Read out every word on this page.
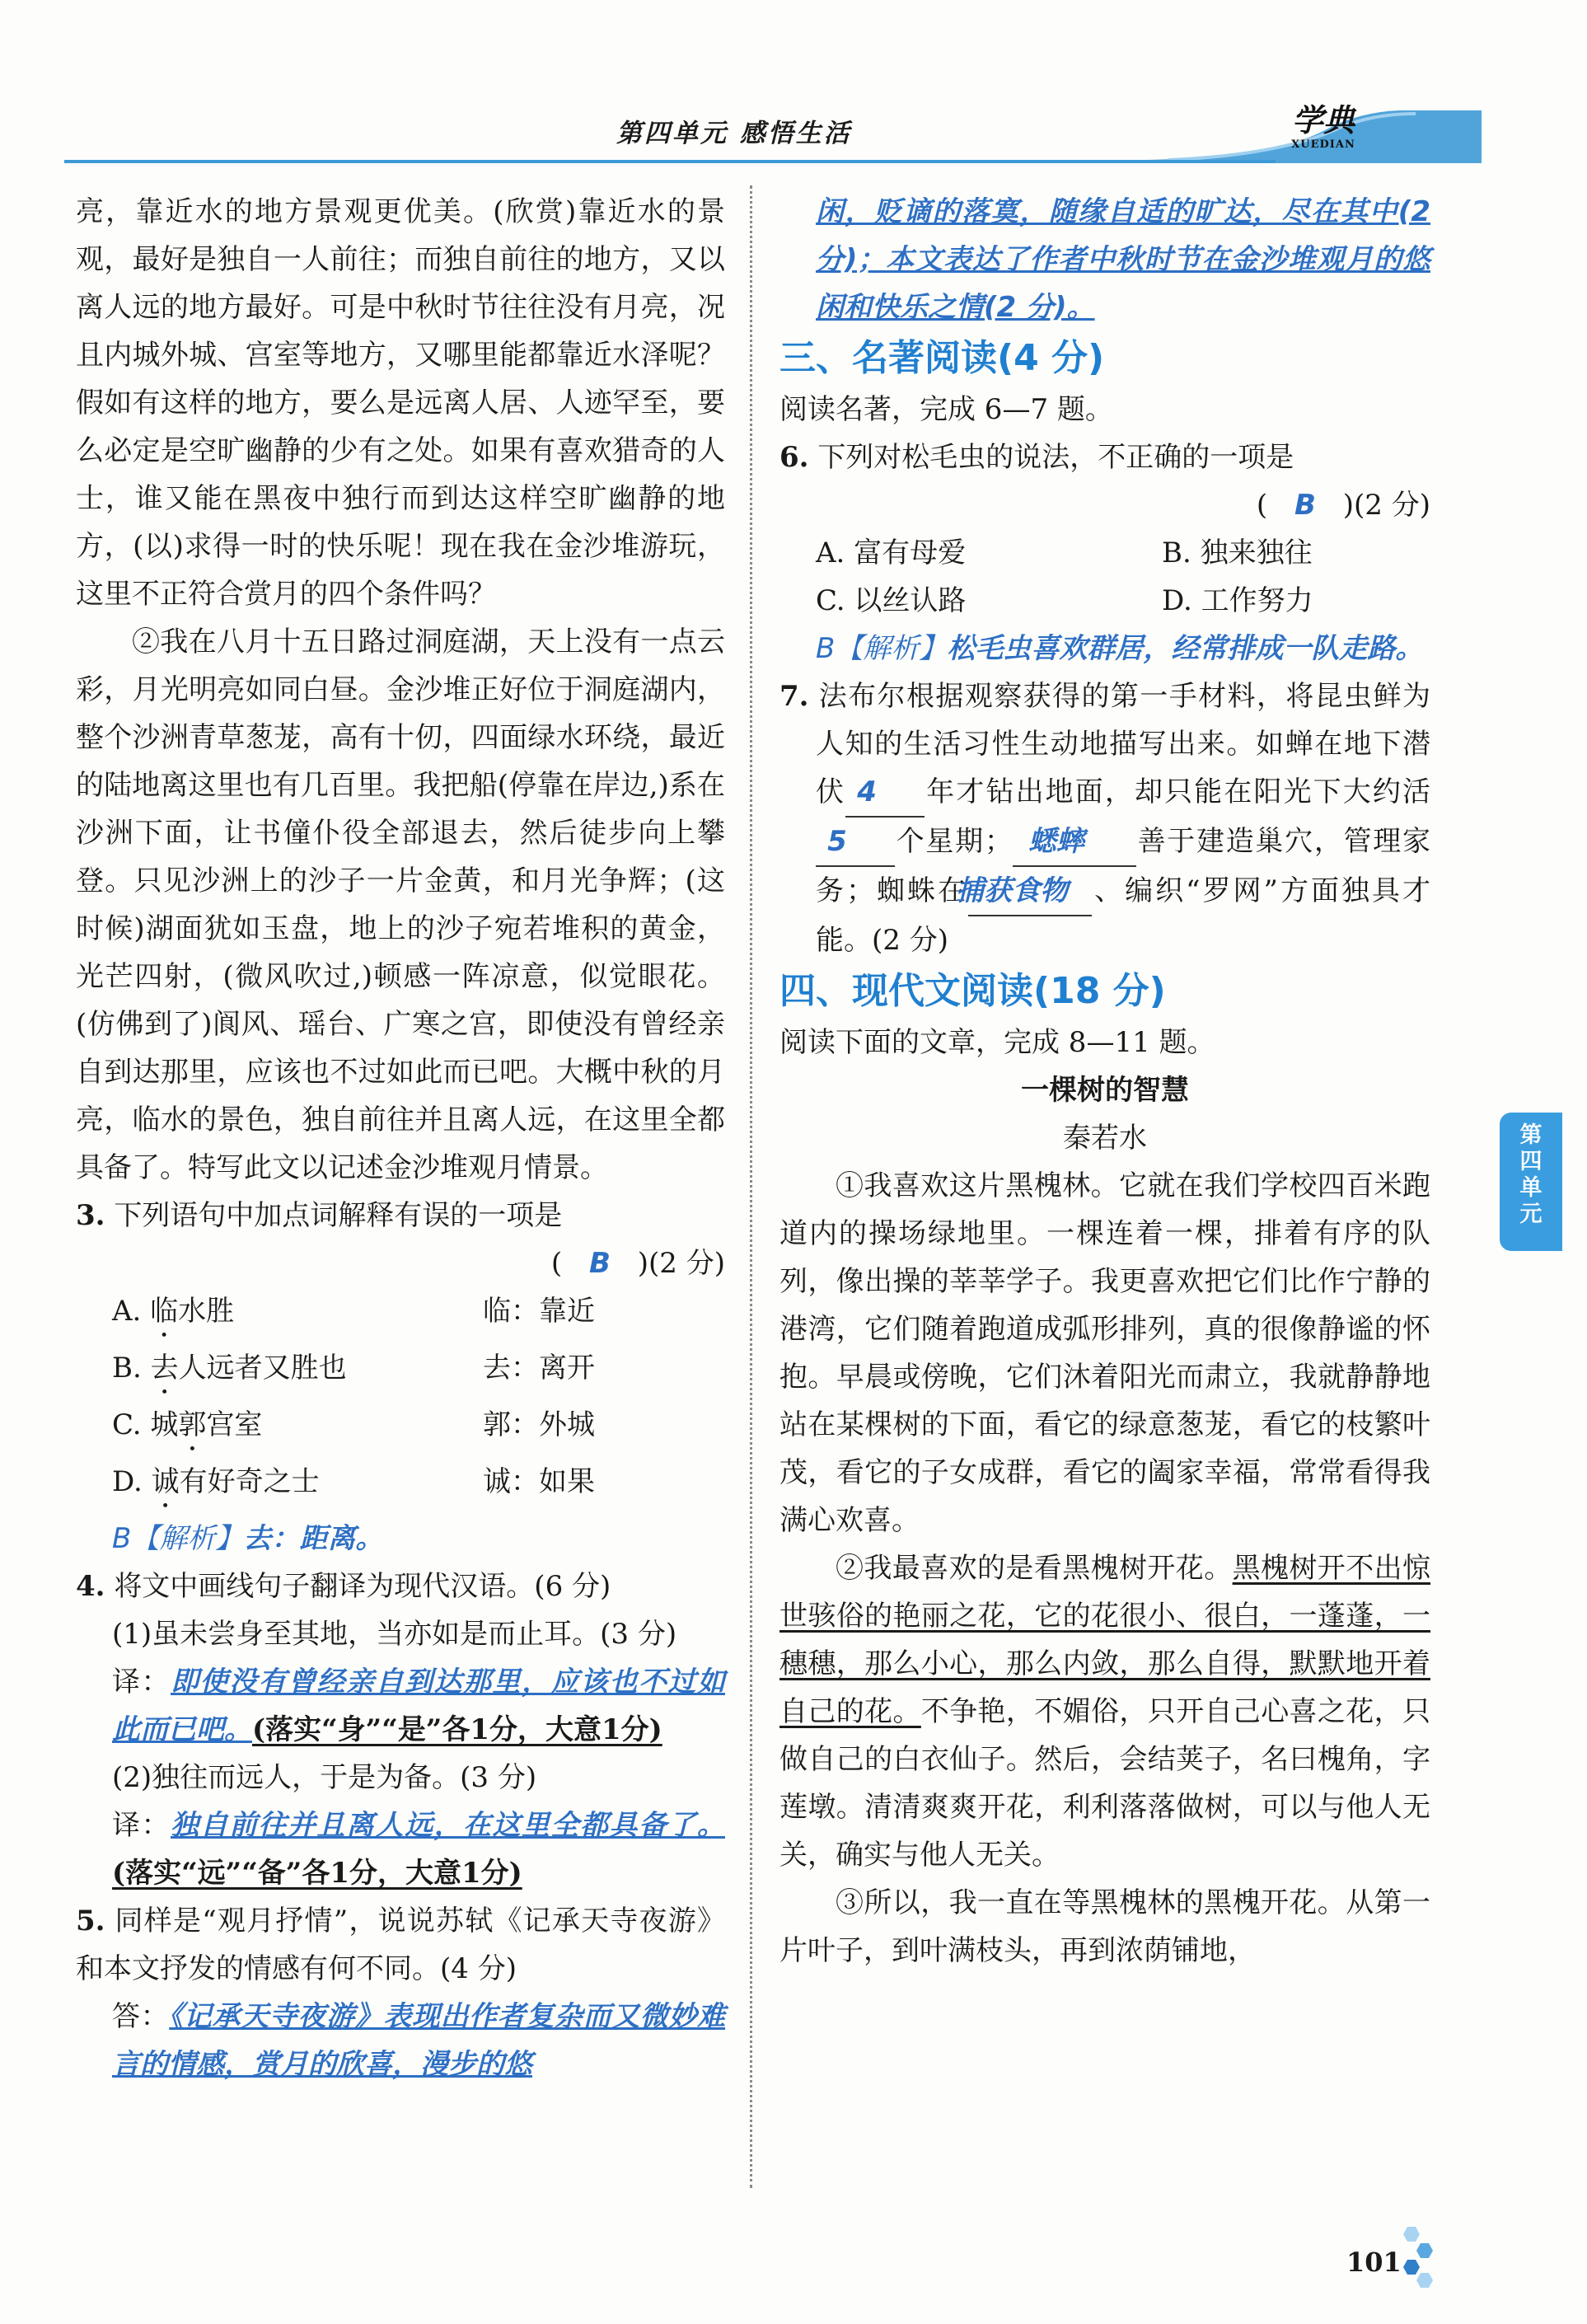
第四单元 感悟生活	学典
XUEDIAN

亮，靠近水的地方景观更优美。(欣赏)靠近水的景观，最好是独自一人前往；而独自前往的地方，又以离人远的地方最好。可是中秋时节往往没有月亮，况且内城外城、宫室等地方，又哪里能都靠近水泽呢？假如有这样的地方，要么是远离人居、人迹罕至，要么必定是空旷幽静的少有之处。如果有喜欢猎奇的人士，谁又能在黑夜中独行而到达这样空旷幽静的地方，(以)求得一时的快乐呢！现在我在金沙堆游玩，这里不正符合赏月的四个条件吗？

②我在八月十五日路过洞庭湖，天上没有一点云彩，月光明亮如同白昼。金沙堆正好位于洞庭湖内，整个沙洲青草葱茏，高有十仞，四面绿水环绕，最近的陆地离这里也有几百里。我把船(停靠在岸边,)系在沙洲下面，让书僮仆役全部退去，然后徒步向上攀登。只见沙洲上的沙子一片金黄，和月光争辉；(这时候)湖面犹如玉盘，地上的沙子宛若堆积的黄金，光芒四射，(微风吹过,)顿感一阵凉意，似觉眼花。(仿佛到了)阆风、瑶台、广寒之宫，即使没有曾经亲自到达那里，应该也不过如此而已吧。大概中秋的月亮，临水的景色，独自前往并且离人远，在这里全都具备了。特写此文以记述金沙堆观月情景。

3. 下列语句中加点词解释有误的一项是

( B )(2 分)

A. 临水胜	临：靠近
B. 去人远者又胜也	去：离开
C. 城郭宫室	郭：外城
D. 诚有好奇之士	诚：如果

B【解析】去：距离。

4. 将文中画线句子翻译为现代汉语。(6 分)

(1)虽未尝身至其地，当亦如是而止耳。(3 分)

译：即使没有曾经亲自到达那里，应该也不过如此而已吧。(落实“身”“是”各1分，大意1分)

(2)独往而远人，于是为备。(3 分)

译：独自前往并且离人远，在这里全都具备了。(落实“远”“备”各1分，大意1分)

5. 同样是“观月抒情”，说说苏轼《记承天寺夜游》和本文抒发的情感有何不同。(4 分)

答：《记承天寺夜游》表现出作者复杂而又微妙难言的情感，赏月的欣喜，漫步的悠

闲，贬谪的落寞，随缘自适的旷达，尽在其中(2 分)；本文表达了作者中秋时节在金沙堆观月的悠闲和快乐之情(2 分)。

三、名著阅读(4 分)

阅读名著，完成 6—7 题。

6. 下列对松毛虫的说法，不正确的一项是

( B )(2 分)

A. 富有母爱	B. 独来独往
C. 以丝认路	D. 工作努力

B【解析】松毛虫喜欢群居，经常排成一队走路。

7. 法布尔根据观察获得的第一手材料，将昆虫鲜为人知的生活习性生动地描写出来。如蝉在地下潜伏 4 年才钻出地面，却只能在阳光下大约活5 个星期； 蟋蟀 善于建造巢穴，管理家务；蜘蛛在捕获食物 、编织“罗网”方面独具才能。(2 分)

四、现代文阅读(18 分)

阅读下面的文章，完成 8—11 题。

一棵树的智慧

秦若水

①我喜欢这片黑槐林。它就在我们学校四百米跑道内的操场绿地里。一棵连着一棵，排着有序的队列，像出操的莘莘学子。我更喜欢把它们比作宁静的港湾，它们随着跑道成弧形排列，真的很像静谧的怀抱。早晨或傍晚，它们沐着阳光而肃立，我就静静地站在某棵树的下面，看它的绿意葱茏，看它的枝繁叶茂，看它的子女成群，看它的阖家幸福，常常看得我满心欢喜。

②我最喜欢的是看黑槐树开花。黑槐树开不出惊世骇俗的艳丽之花，它的花很小、很白，一蓬蓬，一穗穗，那么小心，那么内敛，那么自得，默默地开着自己的花。不争艳，不媚俗，只开自己心喜之花，只做自己的白衣仙子。然后，会结荚子，名曰槐角，字莲墩。清清爽爽开花，利利落落做树，可以与他人无关，确实与他人无关。

③所以，我一直在等黑槐林的黑槐开花。从第一片叶子，到叶满枝头，再到浓荫铺地，

第四单元
101
